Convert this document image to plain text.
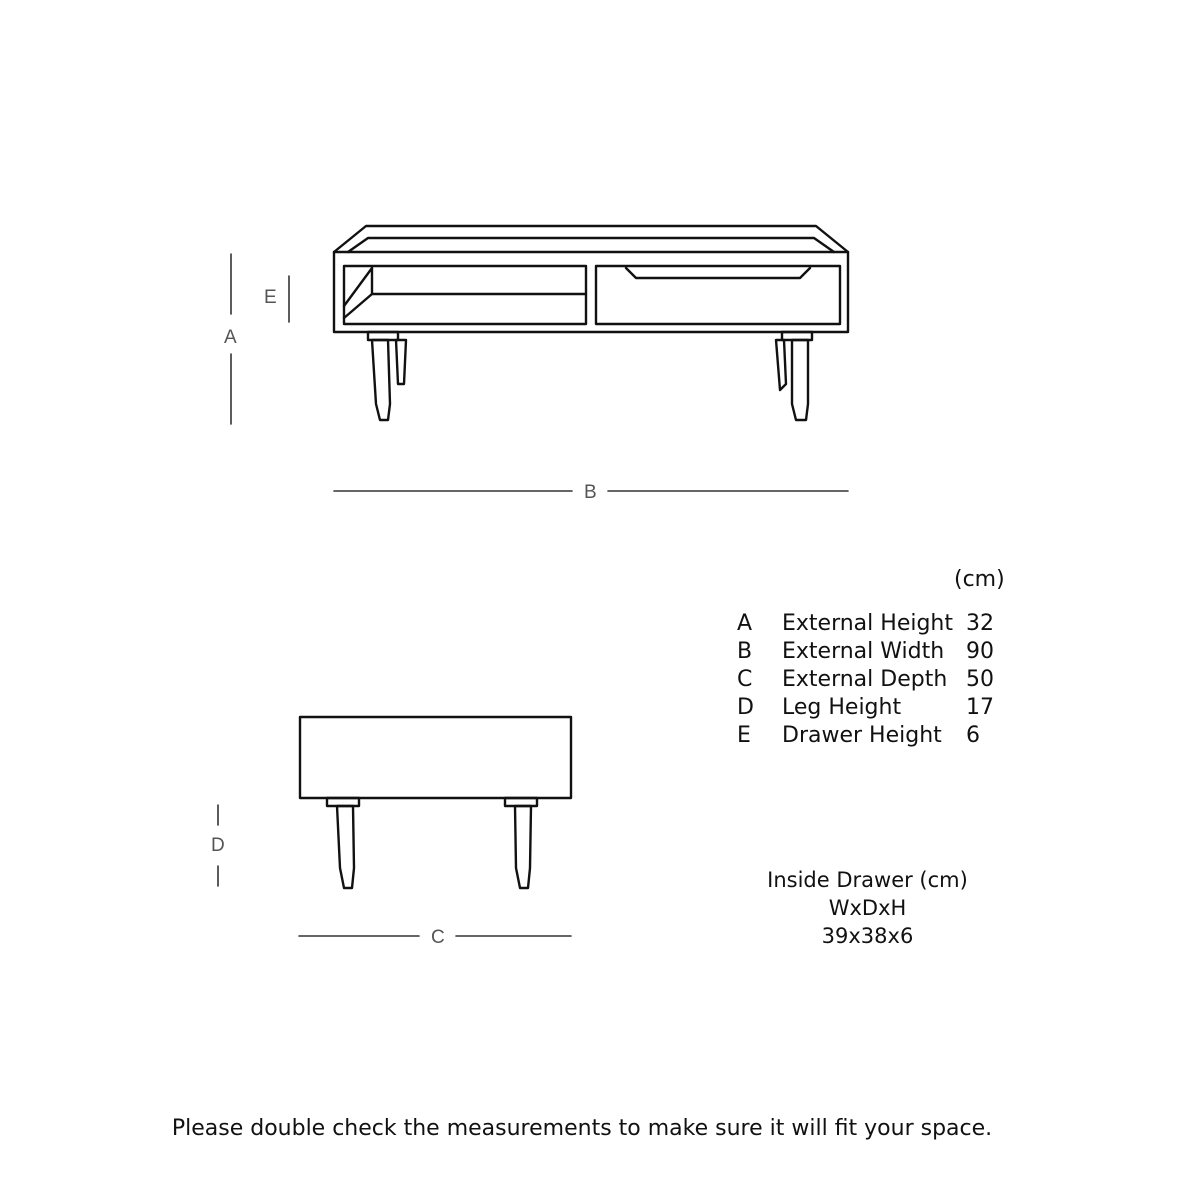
A
E
B
D
C
(cm)
A External Height 32
B External Width 90
C External Depth 50
D Leg Height	17
E Drawer Height 6
Inside Drawer (cm)
WxDxH
39x38x6
Please double check the measurements to make sure it will fit your space.
